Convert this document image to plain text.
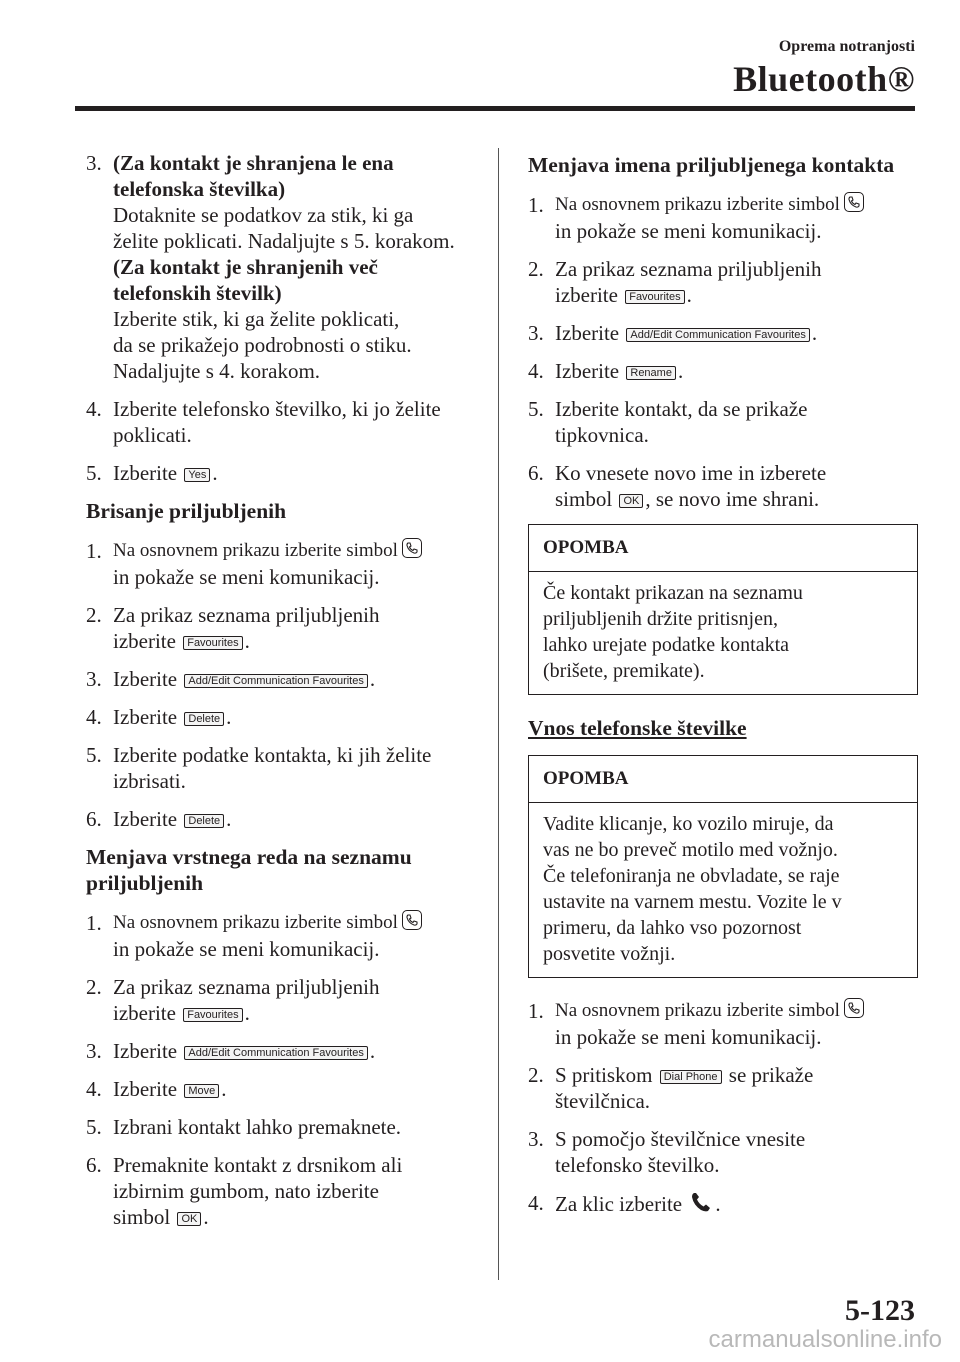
Oprema notranjosti
Bluetooth®
3. (Za kontakt je shranjena le ena
telefonska številka)
Dotaknite se podatkov za stik, ki ga
želite poklicati. Nadaljujte s 5. korakom.
(Za kontakt je shranjenih več
telefonskih številk)
Izberite stik, ki ga želite poklicati,
da se prikažejo podrobnosti o stiku.
Nadaljujte s 4. korakom.
4. Izberite telefonsko številko, ki jo želite
poklicati.
5. Izberite Yes .
Brisanje priljubljenih
1. Na osnovnem prikazu izberite simbol
in pokaže se meni komunikacij.
2. Za prikaz seznama priljubljenih
izberite Favourites .
3. Izberite Add/Edit Communication Favourites .
4. Izberite Delete .
5. Izberite podatke kontakta, ki jih želite
izbrisati.
6. Izberite Delete .
Menjava vrstnega reda na seznamu
priljubljenih
1. Na osnovnem prikazu izberite simbol
in pokaže se meni komunikacij.
2. Za prikaz seznama priljubljenih
izberite Favourites .
3. Izberite Add/Edit Communication Favourites .
4. Izberite Move .
5. Izbrani kontakt lahko premaknete.
6. Premaknite kontakt z drsnikom ali
izbirnim gumbom, nato izberite
simbol OK .
Menjava imena priljubljenega kontakta
1. Na osnovnem prikazu izberite simbol
in pokaže se meni komunikacij.
2. Za prikaz seznama priljubljenih
izberite Favourites .
3. Izberite Add/Edit Communication Favourites .
4. Izberite Rename .
5. Izberite kontakt, da se prikaže
tipkovnica.
6. Ko vnesete novo ime in izberete
simbol OK , se novo ime shrani.
OPOMBA
Če kontakt prikazan na seznamu
priljubljenih držite pritisnjen,
lahko urejate podatke kontakta
(brišete, premikate).
Vnos telefonske številke
OPOMBA
Vadite klicanje, ko vozilo miruje, da
vas ne bo preveč motilo med vožnjo.
Če telefoniranja ne obvladate, se raje
ustavite na varnem mestu. Vozite le v
primeru, da lahko vso pozornost
posvetite vožnji.
1. Na osnovnem prikazu izberite simbol
in pokaže se meni komunikacij.
2. S pritiskom Dial Phone se prikaže
številčnica.
3. S pomočjo številčnice vnesite
telefonsko številko.
4. Za klic izberite .
5-123
carmanualsonline.info
